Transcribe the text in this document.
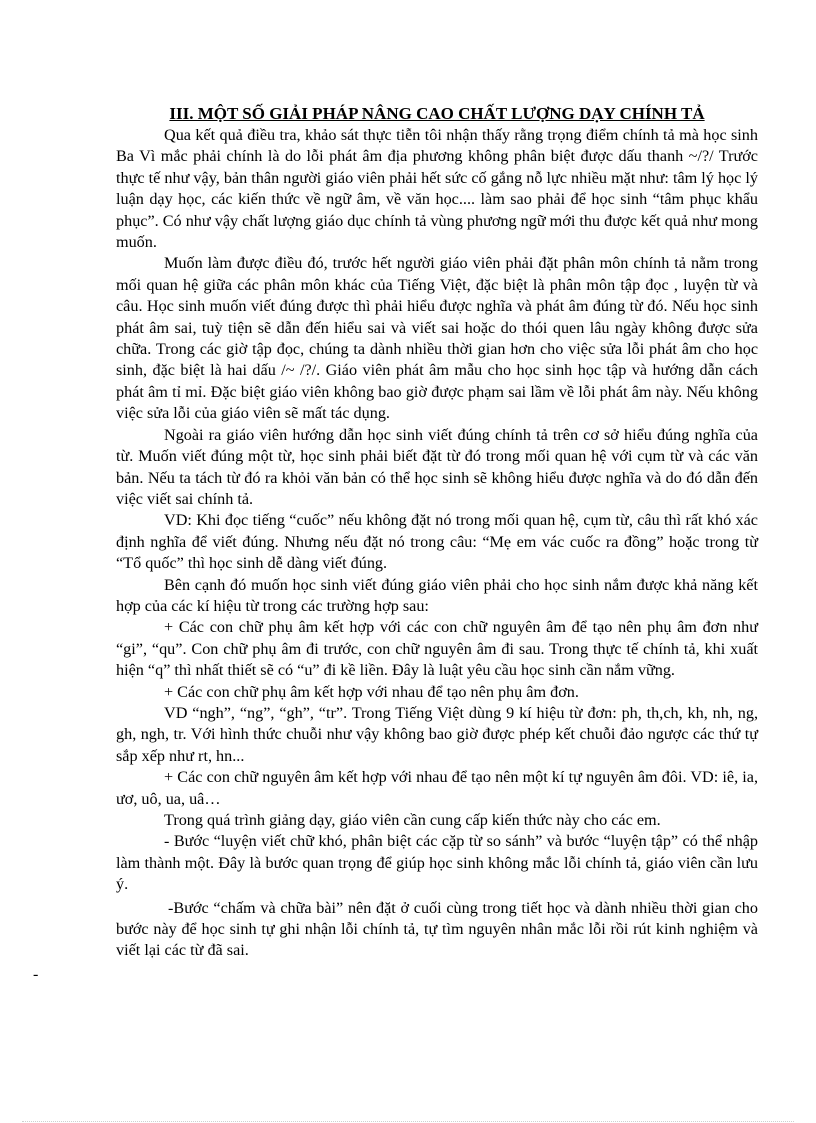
III. MỘT SỐ GIẢI PHÁP NÂNG CAO CHẤT LƯỢNG DẠY CHÍNH TẢ

Qua kết quả điều tra, khảo sát thực tiễn tôi nhận thấy rằng trọng điểm chính tả mà học sinh Ba Vì mắc phải chính là do lỗi phát âm địa phương không phân biệt được dấu thanh ~/?/ Trước thực tế như vậy, bản thân người giáo viên phải hết sức cố gắng nỗ lực nhiều mặt như: tâm lý học lý luận dạy học, các kiến thức về ngữ âm, về văn học.... làm sao phải để học sinh “tâm phục khẩu phục”. Có như vậy chất lượng giáo dục chính tả vùng phương ngữ mới thu được kết quả như mong muốn.

Muốn làm được điều đó, trước hết người giáo viên phải đặt phân môn chính tả nằm trong mối quan hệ giữa các phân môn khác của Tiếng Việt, đặc biệt là phân môn tập đọc , luyện từ và câu. Học sinh muốn viết đúng được thì phải hiểu được nghĩa và phát âm đúng từ đó. Nếu học sinh phát âm sai, tuỳ tiện sẽ dẫn đến hiểu sai và viết sai hoặc do thói quen lâu ngày không được sửa chữa. Trong các giờ tập đọc, chúng ta dành nhiều thời gian hơn cho việc sửa lỗi phát âm cho học sinh, đặc biệt là hai dấu /~ /?/. Giáo viên phát âm mẫu cho học sinh học tập và hướng dẫn cách phát âm tỉ mỉ. Đặc biệt giáo viên không bao giờ được phạm sai lầm về lỗi phát âm này. Nếu không việc sửa lỗi của giáo viên sẽ mất tác dụng.

Ngoài ra giáo viên hướng dẫn học sinh viết đúng chính tả trên cơ sở hiểu đúng nghĩa của từ. Muốn viết đúng một từ, học sinh phải biết đặt từ đó trong mối quan hệ với cụm từ và các văn bản. Nếu ta tách từ đó ra khỏi văn bản có thể học sinh sẽ không hiểu được nghĩa và do đó dẫn đến việc viết sai chính tả.

VD: Khi đọc tiếng “cuốc” nếu không đặt nó trong mối quan hệ, cụm từ, câu thì rất khó xác định nghĩa để viết đúng. Nhưng nếu đặt nó trong câu: “Mẹ em vác cuốc ra đồng” hoặc trong từ “Tổ quốc” thì học sinh dễ dàng viết đúng.

Bên cạnh đó muốn học sinh viết đúng giáo viên phải cho học sinh nắm được khả năng kết hợp của các kí hiệu từ trong các trường hợp sau:

+ Các con chữ phụ âm kết hợp với các con chữ nguyên âm để tạo nên phụ âm đơn như “gi”, “qu”. Con chữ phụ âm đi trước, con chữ nguyên âm đi sau. Trong thực tế chính tả, khi xuất hiện “q” thì nhất thiết sẽ có “u” đi kề liền. Đây là luật yêu cầu học sinh cần nắm vững.

+ Các con chữ phụ âm kết hợp với nhau để tạo nên phụ âm đơn.

VD “ngh”, “ng”, “gh”, “tr”. Trong Tiếng Việt dùng 9 kí hiệu từ đơn: ph, th,ch, kh, nh, ng, gh, ngh, tr. Với hình thức chuỗi như vậy không bao giờ được phép kết chuỗi đảo ngược các thứ tự sắp xếp như rt, hn...

+ Các con chữ nguyên âm kết hợp với nhau để tạo nên một kí tự nguyên âm đôi. VD: iê, ia, ươ, uô, ua, uâ…

Trong quá trình giảng dạy, giáo viên cần cung cấp kiến thức này cho các em.

- Bước “luyện viết chữ khó, phân biệt các cặp từ so sánh” và bước “luyện tập” có thể nhập làm thành một. Đây là bước quan trọng để giúp học sinh không mắc lỗi chính tả, giáo viên cần lưu ý.

-Bước “chấm và chữa bài” nên đặt ở cuối cùng trong tiết học và dành nhiều thời gian cho bước này để học sinh tự ghi nhận lỗi chính tả, tự tìm nguyên nhân mắc lỗi rồi rút kinh nghiệm và viết lại các từ đã sai.

-
